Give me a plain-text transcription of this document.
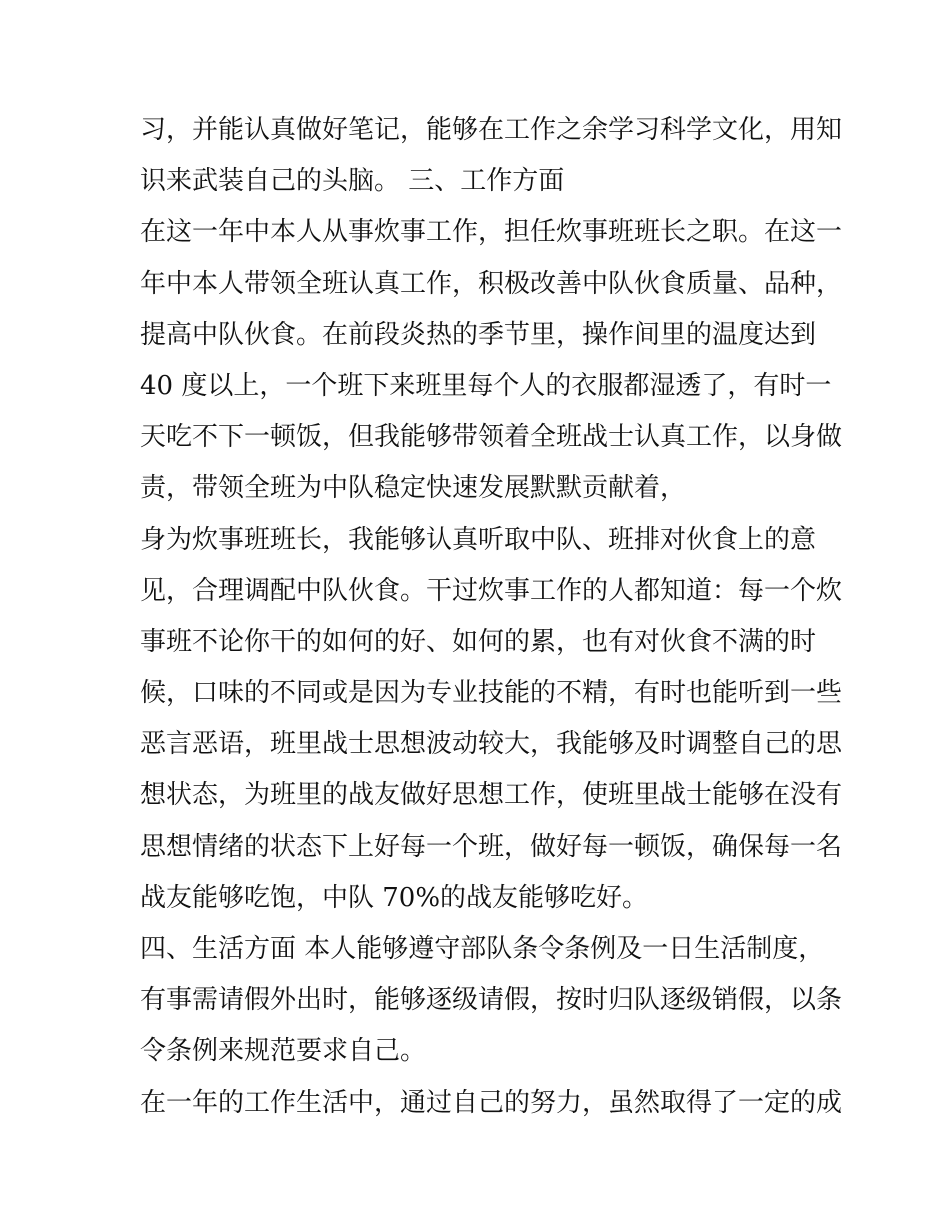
习，并能认真做好笔记，能够在工作之余学习科学文化，用知
识来武装自己的头脑。 三、工作方面
在这一年中本人从事炊事工作，担任炊事班班长之职。在这一
年中本人带领全班认真工作，积极改善中队伙食质量、品种，
提高中队伙食。在前段炎热的季节里，操作间里的温度达到
40 度以上，一个班下来班里每个人的衣服都湿透了，有时一
天吃不下一顿饭，但我能够带领着全班战士认真工作，以身做
责，带领全班为中队稳定快速发展默默贡献着，
身为炊事班班长，我能够认真听取中队、班排对伙食上的意
见，合理调配中队伙食。干过炊事工作的人都知道：每一个炊
事班不论你干的如何的好、如何的累，也有对伙食不满的时
候，口味的不同或是因为专业技能的不精，有时也能听到一些
恶言恶语，班里战士思想波动较大，我能够及时调整自己的思
想状态，为班里的战友做好思想工作，使班里战士能够在没有
思想情绪的状态下上好每一个班，做好每一顿饭，确保每一名
战友能够吃饱，中队 70%的战友能够吃好。
四、生活方面 本人能够遵守部队条令条例及一日生活制度，
有事需请假外出时，能够逐级请假，按时归队逐级销假，以条
令条例来规范要求自己。
在一年的工作生活中，通过自己的努力，虽然取得了一定的成
